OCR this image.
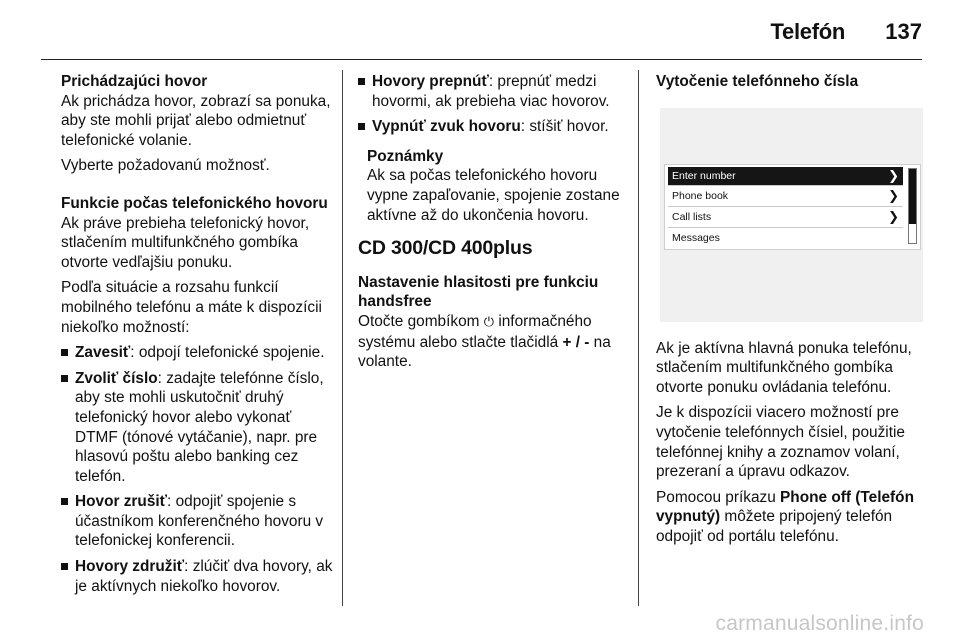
Telefón 137

Prichádzajúci hovor

Ak prichádza hovor, zobrazí sa ponuka, aby ste mohli prijať alebo odmietnuť telefonické volanie.

Vyberte požadovanú možnosť.

Funkcie počas telefonického hovoru

Ak práve prebieha telefonický hovor, stlačením multifunkčného gombíka otvorte vedľajšiu ponuku.

Podľa situácie a rozsahu funkcií mobilného telefónu a máte k dispozícii niekoľko možností:

Zavesiť: odpojí telefonické spojenie.
Zvoliť číslo: zadajte telefónne číslo, aby ste mohli uskutočniť druhý telefonický hovor alebo vykonať DTMF (tónové vytáčanie), napr. pre hlasovú poštu alebo banking cez telefón.
Hovor zrušiť: odpojiť spojenie s účastníkom konferenčného hovoru v telefonickej konferencii.
Hovory združiť: zlúčiť dva hovory, ak je aktívnych niekoľko hovorov.
Hovory prepnúť: prepnúť medzi hovormi, ak prebieha viac hovorov.
Vypnúť zvuk hovoru: stíšiť hovor.
Poznámky
Ak sa počas telefonického hovoru vypne zapaľovanie, spojenie zostane aktívne až do ukončenia hovoru.
CD 300/CD 400plus

Nastavenie hlasitosti pre funkciu handsfree

Otočte gombíkom ⏻ informačného systému alebo stlačte tlačidlá + / - na volante.

Vytočenie telefónneho čísla

Enter number	❯
Phone book	❯
Call lists	❯
Messages

Ak je aktívna hlavná ponuka telefónu, stlačením multifunkčného gombíka otvorte ponuku ovládania telefónu.

Je k dispozícii viacero možností pre vytočenie telefónnych čísiel, použitie telefónnej knihy a zoznamov volaní, prezeraní a úpravu odkazov.

Pomocou príkazu Phone off (Telefón vypnutý) môžete pripojený telefón odpojiť od portálu telefónu.

carmanualsonline.info
